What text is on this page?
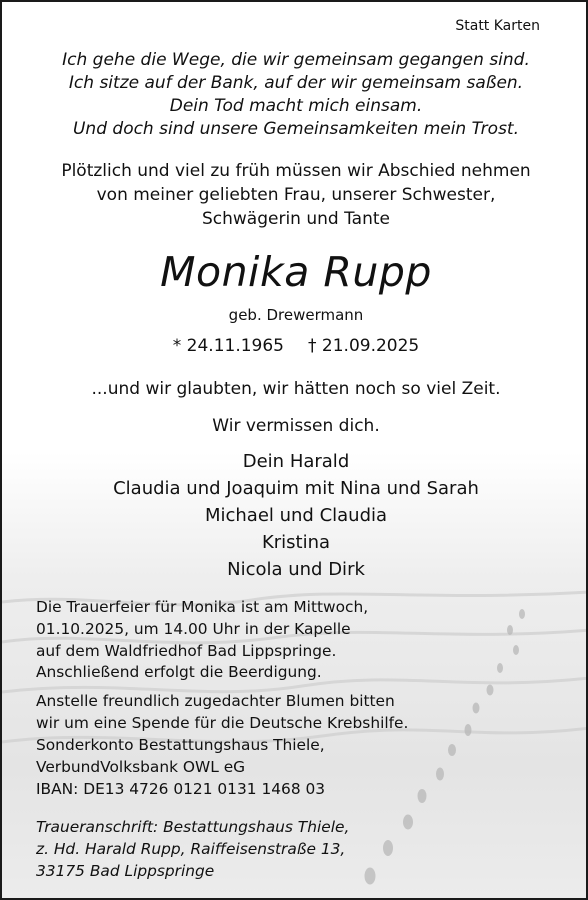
Statt Karten
Ich gehe die Wege, die wir gemeinsam gegangen sind.
Ich sitze auf der Bank, auf der wir gemeinsam saßen.
Dein Tod macht mich einsam.
Und doch sind unsere Gemeinsamkeiten mein Trost.
Plötzlich und viel zu früh müssen wir Abschied nehmen
von meiner geliebten Frau, unserer Schwester,
Schwägerin und Tante
Monika Rupp
geb. Drewermann
* 24.11.1965 † 21.09.2025
...und wir glaubten, wir hätten noch so viel Zeit.
Wir vermissen dich.
Dein Harald
Claudia und Joaquim mit Nina und Sarah
Michael und Claudia
Kristina
Nicola und Dirk
Die Trauerfeier für Monika ist am Mittwoch,
01.10.2025, um 14.00 Uhr in der Kapelle
auf dem Waldfriedhof Bad Lippspringe.
Anschließend erfolgt die Beerdigung.
Anstelle freundlich zugedachter Blumen bitten
wir um eine Spende für die Deutsche Krebshilfe.
Sonderkonto Bestattungshaus Thiele,
VerbundVolksbank OWL eG
IBAN: DE13 4726 0121 0131 1468 03
Traueranschrift: Bestattungshaus Thiele,
z. Hd. Harald Rupp, Raiffeisenstraße 13,
33175 Bad Lippspringe
